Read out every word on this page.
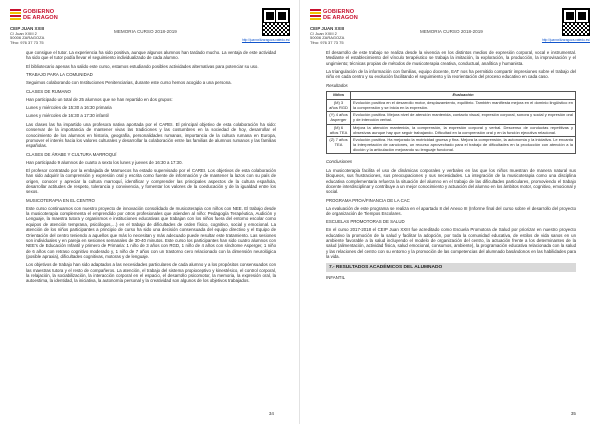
GOBIERNO
DE ARAGON
CEIP JUAN XXIII
C/ Juan XXIII 2
50006 ZARAGOZA
Tfno: 976 37 73 75
MEMORIA CURSO 2018-2019
http://juanxxiiizaragoza.catedu.es/

que consigue el tutor. La experiencia ha sido positiva, aunque algunos alumnos han tardado mucho. La ventaja de este actividad ha sido que el tutor podía llevar el seguimiento individualizado de cada alumno.

El bibliotecario apenas ha salido este curso, estamos estudiando posibles actividades alternativas para potenciar su uso.

TRABAJO PARA LA COMUNIDAD

Seguimos colaborando con Instituciones Penitenciarias, durante este curso hemos acogido a una persona.

CLASES DE RUMANO

Han participado un total de 25 alumnos que se han repartido en dos grupos:

Lunes y miércoles de 15:30 a 16:30 primaria

Lunes y miércoles de 16:30 a 17:30 infantil

Las clases las ha impartido una profesora nativa aportada por el CAREI. El principal objetivo de esta colaboración ha sido: conservar de la importancia de mantener vivas las tradiciones y las costumbres en la sociedad de hoy, desarrollar el conocimiento de los alumnos en historia, geografía, personalidades rumanas, importancia de la cultura rumana en Europa, promover el interés hacia los valores culturales y desarrollar la colaboración entre las familias de alumnos rumanos y las familias españolas.

CLASES DE ÁRABE Y CULTURA MARROQUÍ

Han participado 9 alumnos de cuarto a sexto los lunes y jueves de 16:30 a 17:30.

El profesor contratado por la embajada de Marruecos ha estado supervisado por el CAREI. Los objetivos de esta colaboración han sido adquirir la comprensión y expresión oral y escrita como fuente de información y de mantener la lazos con su país de origen, conocer y apreciar la cultura marroquí, identificar y comprender las principales aspectos de la cultura española, desarrollar actitudes de respeto, tolerancia y convivencia, y fomentar los valores de la coeducación y de la igualdad entre los sexos.

MUSICOTERAPIA EN EL CENTRO

Este curso continuamos con nuestro proyecto de innovación consolidado de musicoterapia con niños con NEE. El trabajo desde la musicoterapia complementa el emprendido por otros profesionales que atienden al niño: Pedagogía Terapéutica, Audición y Lenguaje, la maestra tutora y organismos e instituciones educativas que trabajan con los niños fuera del entorno escolar como equipos de atención temprana, psicólogos,…) en el trabajo de dificultades de orden físico, cognitivo, social y emocional. La atención de los niños participantes a principio de curso ha sido una decisión consensuada del equipo directivo y el Equipo de Orientación del centro teniendo a aquellos que más lo necesitan y más adecuado puede resultar este tratamiento. Las sesiones son individuales y en pareja en sesiones semanales de 30-40 minutos. Este curso los participantes han sido cuatro alumnos con NEE's de Educación Infantil y primero de Primaria: 1 niño de 3 años con RGD, 1 niño de 4 años con síndrome Asperger, 1 niño de 6 años con retraso cognitivo moderado y, 1 niño de 7 años con un trastorno cero relacionado con la dimensión neurológica (posible apraxia), dificultades cognitivas, motoras y de lenguaje.

Los objetivos de trabajo han sido adaptados a las necesidades particulares de cada alumno y a los propósitos consensuados con las maestras tutora y el resto de compañeros. La atención, el trabajo del sistema propioceptivo y kinestésico, el control corporal, la relajación, la sociabilización, la interacción corporal en el espacio, el desarrollo psicomotor, la memoria, la expresión oral, la autoestima, la identidad, la iniciativa, la autonomía personal y la creatividad son algunos de los objetivos trabajados.

34
GOBIERNO
DE ARAGON
CEIP JUAN XXIII
C/ Juan XXIII 2
50006 ZARAGOZA
Tfno: 976 37 73 75
MEMORIA CURSO 2018-2019
http://juanxxiiizaragoza.catedu.es/

El desarrollo de este trabajo se realiza desde la vivencia en los distintos medios de expresión corporal, vocal e instrumental. Mediante el establecimiento del vínculo terapéutico se trabaja la imitación, la exploración, la producción, la improvisación y el ungimiento; técnicas propias de métodos de musicoterapia creativa, conductual, analítica y humanista.

La triangulación de la información con familias, equipo docente, EAT nos ha permitido compartir impresiones sobre el trabajo del niño en cada centro y su evolución facilitando el seguimiento y la reorientación del proceso educativo en cada caso.

Resultados

Niños	Evaluación
(M) 3 años RGD	Evolución positiva en el desarrollo motor, desplazamiento, equilibrio. También manifiesta mejora en el dominio lingüístico en la comprensión y se inicia en la expresión.
(Y) 4 años Asperger	Evolución positiva. Mejora nivel de atención mantenida, contacto visual, expresión corporal, sonora y social y expresión oral y de intercción verbal.
(M) 6 años TEA	Mejora la atención mantenida, la comprensión, la expresión corporal y verbal. Descenso de conductas repetitivas y obsesivas aunque hay que seguir trabajando. Dificultad en la comprensión oral y en la función ejecutiva relacional.
(Z) 7 años TEA	Evolución positiva. Ha mejorado la motricidad gruesa y fina. Mejora la comprensión, la autonomía y la iniciativa. Le encanta la interpretación de canciones, un recurso aprovechado para el trabajo de dificultades en la producción con atención a la dicción y la articulación mejorando su lenguaje funcional.

Conclusiones

La musicoterapia facilita el uso de dinámicas corporales y verbales en las que los niños muestran de manera natural sus bloqueos, sus frustraciones, sus preocupaciones y sus necesidades. La integración de la musicoterapia como una disciplina educativa complementaria refuerza la situación del alumno en el trabajo de las dificultades particulares, promoviendo el trabajo docente interdisciplinar y contribuye a un mejor conocimiento y actuación del alumno en los ámbitos motor, cognitivo, emocional y social.

PROGRAMA PROA/FINANCIA DE LA CAC

La evaluación de este programa se realiza en el apartado 8 del Anexo III (Informe final del curso sobre el desarrollo del proyecto de organización de Tiempos Escolares.

ESCUELAS PROMOTORAS DE SALUD

En el curso 2017-2018 el CEIP Juan XXIII fue acreditado como Escuela Promotora de Salud por priorizar en nuestro proyecto educativo la promoción de la salud y facilitar la adopción, por toda la comunidad educativa, de estilos de vida sanos en un ambiente favorable a la salud incluyendo el modelo de organización del centro, la actuación frente a los determinantes de la salud (alimentación, actividad física, salud emocional, consumos, ambiente), la programación educativa relacionada con la salud y las relaciones del centro con su entorno y la promoción de las competencias del alumnado basándonos en las habilidades para la vida.

7.- RESULTADOS ACADÉMICOS DEL ALUMNADO

INFANTIL

35
